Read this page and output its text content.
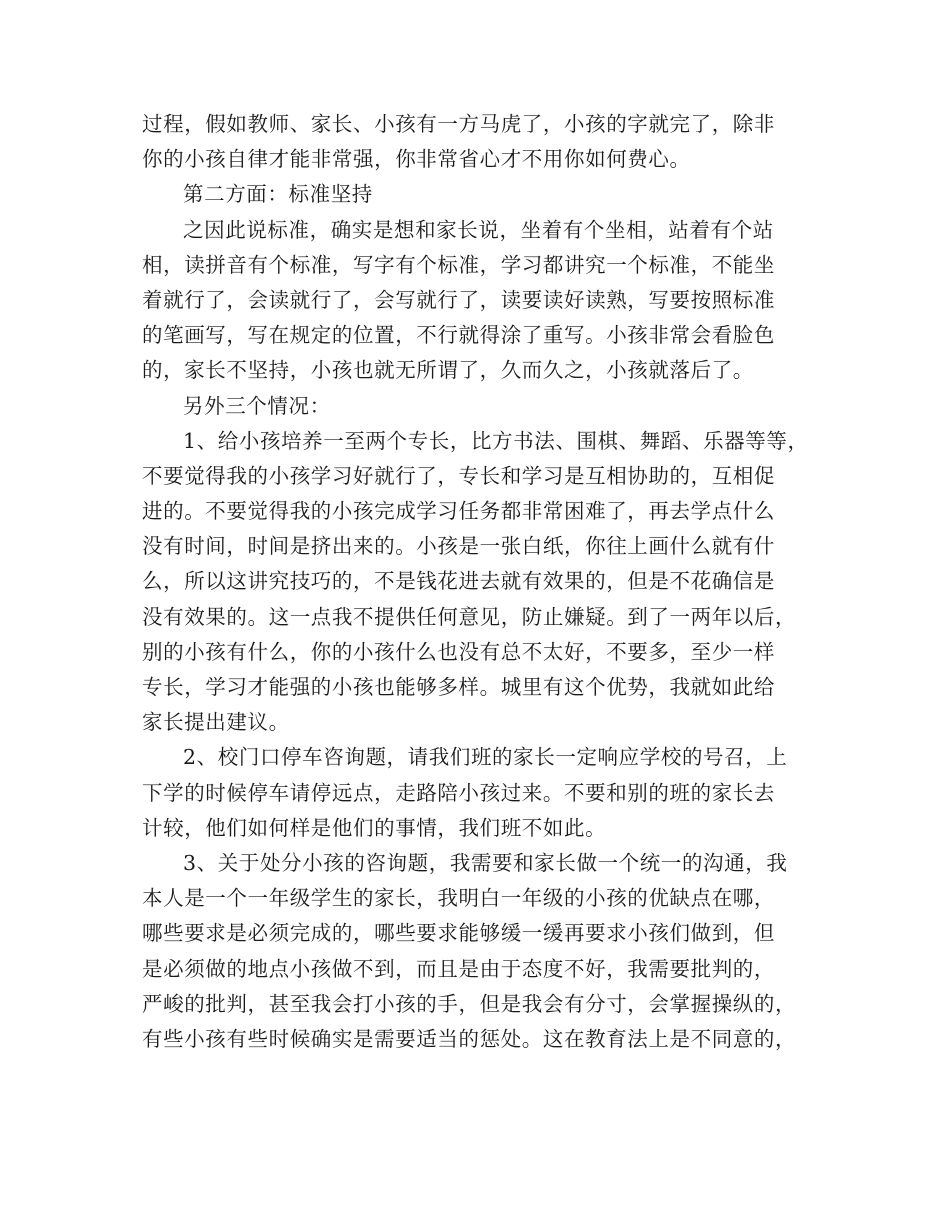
过程，假如教师、家长、小孩有一方马虎了，小孩的字就完了，除非
你的小孩自律才能非常强，你非常省心才不用你如何费心。
第二方面：标准坚持
之因此说标准，确实是想和家长说，坐着有个坐相，站着有个站
相，读拼音有个标准，写字有个标准，学习都讲究一个标准，不能坐
着就行了，会读就行了，会写就行了，读要读好读熟，写要按照标准
的笔画写，写在规定的位置，不行就得涂了重写。小孩非常会看脸色
的，家长不坚持，小孩也就无所谓了，久而久之，小孩就落后了。
另外三个情况：
1、给小孩培养一至两个专长，比方书法、围棋、舞蹈、乐器等等，
不要觉得我的小孩学习好就行了，专长和学习是互相协助的，互相促
进的。不要觉得我的小孩完成学习任务都非常困难了，再去学点什么
没有时间，时间是挤出来的。小孩是一张白纸，你往上画什么就有什
么，所以这讲究技巧的，不是钱花进去就有效果的，但是不花确信是
没有效果的。这一点我不提供任何意见，防止嫌疑。到了一两年以后，
别的小孩有什么，你的小孩什么也没有总不太好，不要多，至少一样
专长，学习才能强的小孩也能够多样。城里有这个优势，我就如此给
家长提出建议。
2、校门口停车咨询题，请我们班的家长一定响应学校的号召，上
下学的时候停车请停远点，走路陪小孩过来。不要和别的班的家长去
计较，他们如何样是他们的事情，我们班不如此。
3、关于处分小孩的咨询题，我需要和家长做一个统一的沟通，我
本人是一个一年级学生的家长，我明白一年级的小孩的优缺点在哪，
哪些要求是必须完成的，哪些要求能够缓一缓再要求小孩们做到，但
是必须做的地点小孩做不到，而且是由于态度不好，我需要批判的，
严峻的批判，甚至我会打小孩的手，但是我会有分寸，会掌握操纵的，
有些小孩有些时候确实是需要适当的惩处。这在教育法上是不同意的，
